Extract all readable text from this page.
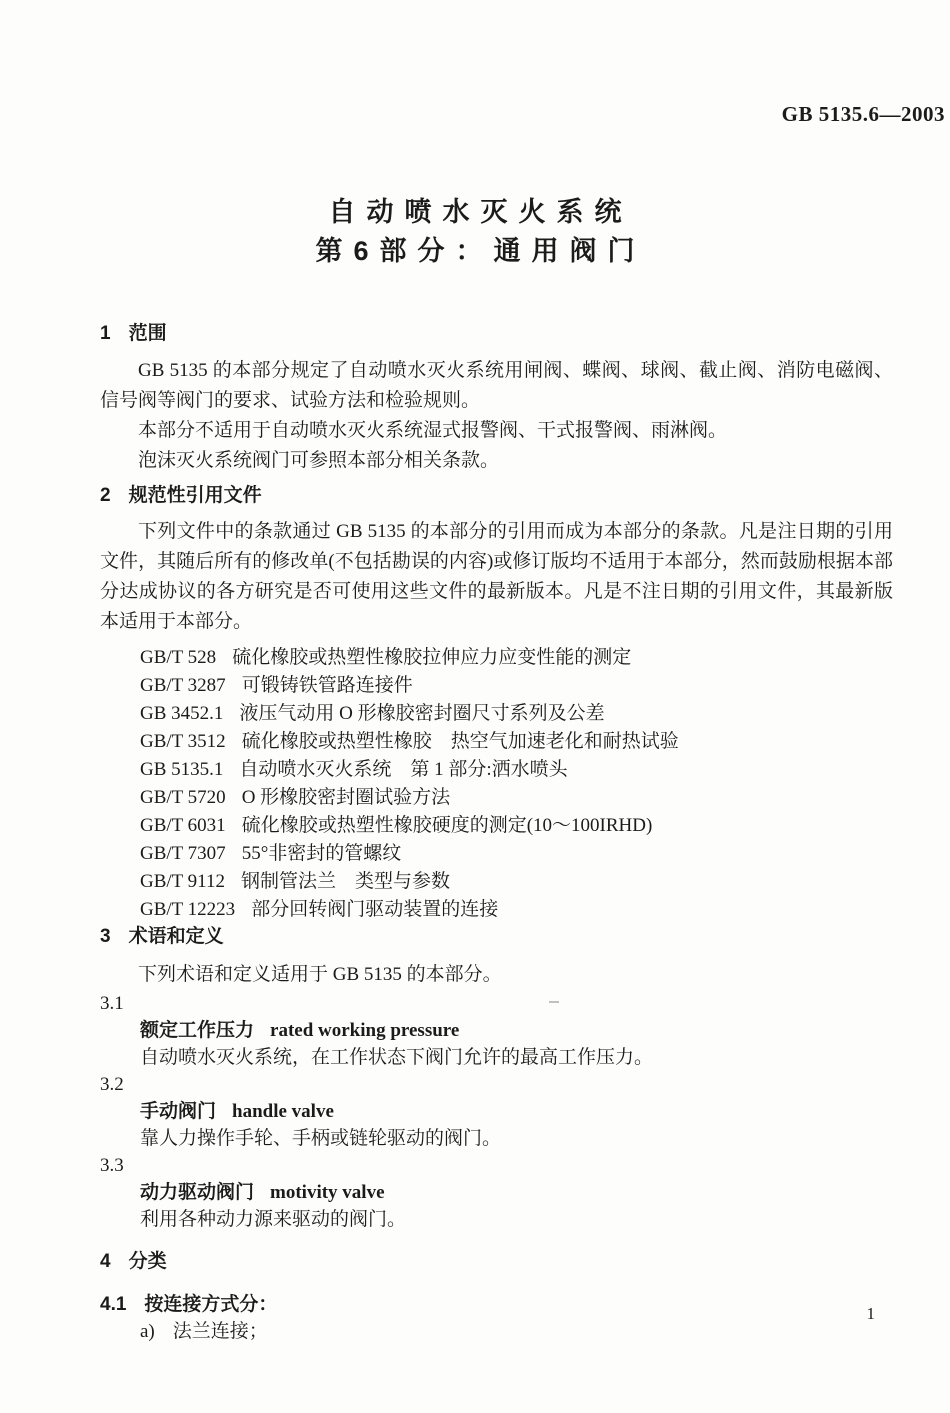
GB 5135.6—2003
自动喷水灭火系统
第6部分：通用阀门
1 范围

GB 5135 的本部分规定了自动喷水灭火系统用闸阀、蝶阀、球阀、截止阀、消防电磁阀、信号阀等阀门的要求、试验方法和检验规则。

本部分不适用于自动喷水灭火系统湿式报警阀、干式报警阀、雨淋阀。

泡沫灭火系统阀门可参照本部分相关条款。

2 规范性引用文件

下列文件中的条款通过 GB 5135 的本部分的引用而成为本部分的条款。凡是注日期的引用文件，其随后所有的修改单(不包括勘误的内容)或修订版均不适用于本部分，然而鼓励根据本部分达成协议的各方研究是否可使用这些文件的最新版本。凡是不注日期的引用文件，其最新版本适用于本部分。

GB/T 528 硫化橡胶或热塑性橡胶拉伸应力应变性能的测定
GB/T 3287 可锻铸铁管路连接件
GB 3452.1 液压气动用 O 形橡胶密封圈尺寸系列及公差
GB/T 3512 硫化橡胶或热塑性橡胶　热空气加速老化和耐热试验
GB 5135.1 自动喷水灭火系统　第 1 部分:洒水喷头
GB/T 5720 O 形橡胶密封圈试验方法
GB/T 6031 硫化橡胶或热塑性橡胶硬度的测定(10～100IRHD)
GB/T 7307 55°非密封的管螺纹
GB/T 9112 钢制管法兰　类型与参数
GB/T 12223 部分回转阀门驱动装置的连接
3 术语和定义

下列术语和定义适用于 GB 5135 的本部分。

3.1
额定工作压力 rated working pressure
自动喷水灭火系统，在工作状态下阀门允许的最高工作压力。
3.2
手动阀门 handle valve
靠人力操作手轮、手柄或链轮驱动的阀门。
3.3
动力驱动阀门 motivity valve
利用各种动力源来驱动的阀门。
4 分类
4.1 按连接方式分：
a) 法兰连接；
1
